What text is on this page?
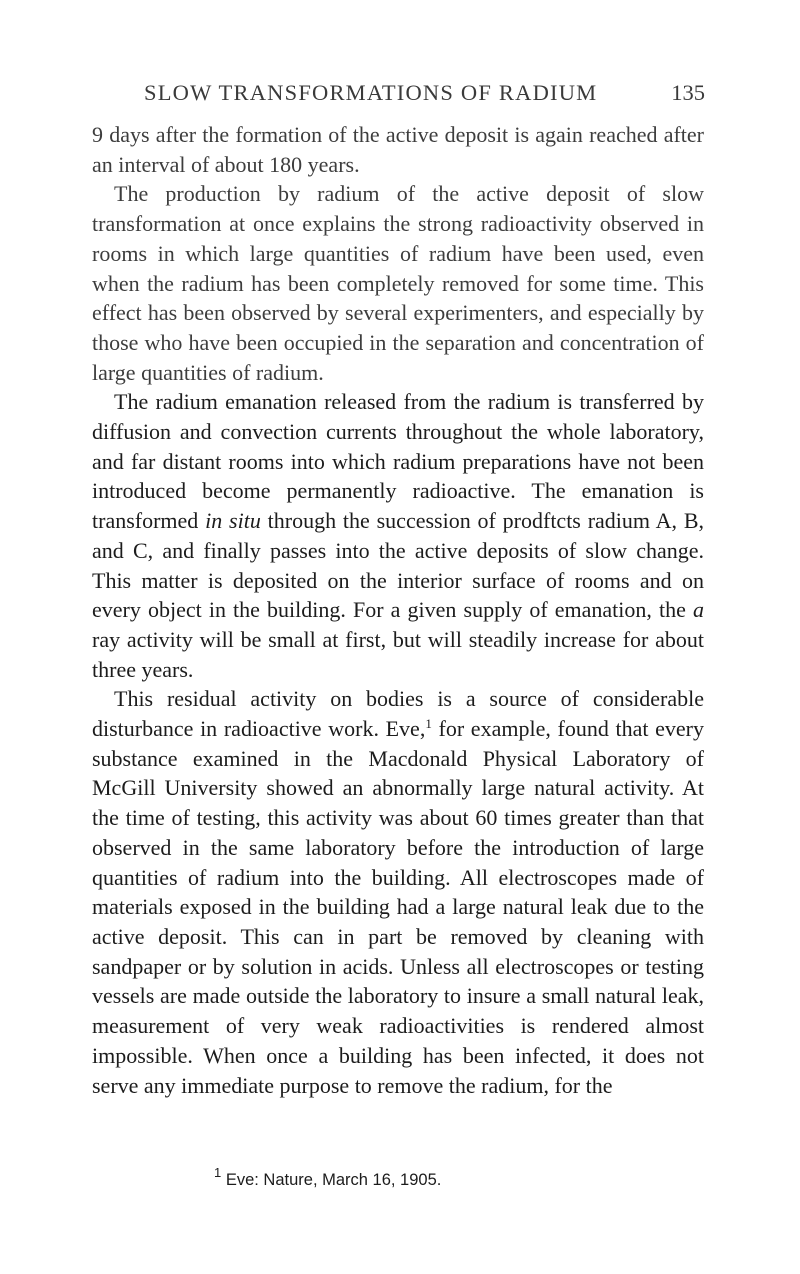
SLOW TRANSFORMATIONS OF RADIUM	135

9 days after the formation of the active deposit is again reached after an interval of about 180 years.

The production by radium of the active deposit of slow transformation at once explains the strong radioactivity observed in rooms in which large quantities of radium have been used, even when the radium has been completely removed for some time. This effect has been observed by several experimenters, and especially by those who have been occupied in the separation and concentration of large quantities of radium.

The radium emanation released from the radium is transferred by diffusion and convection currents throughout the whole laboratory, and far distant rooms into which radium preparations have not been introduced become permanently radioactive. The emanation is transformed in situ through the succession of prodftcts radium A, B, and C, and finally passes into the active deposits of slow change. This matter is deposited on the interior surface of rooms and on every object in the building. For a given supply of emanation, the a ray activity will be small at first, but will steadily increase for about three years.

This residual activity on bodies is a source of considerable disturbance in radioactive work. Eve,$^1$ for example, found that every substance examined in the Macdonald Physical Laboratory of McGill University showed an abnormally large natural activity. At the time of testing, this activity was about 60 times greater than that observed in the same laboratory before the introduction of large quantities of radium into the building. All electroscopes made of materials exposed in the building had a large natural leak due to the active deposit. This can in part be removed by cleaning with sandpaper or by solution in acids. Unless all electroscopes or testing vessels are made outside the laboratory to insure a small natural leak, measurement of very weak radioactivities is rendered almost impossible. When once a building has been infected, it does not serve any immediate purpose to remove the radium, for the

$^1$ Eve: Nature, March 16, 1905.
